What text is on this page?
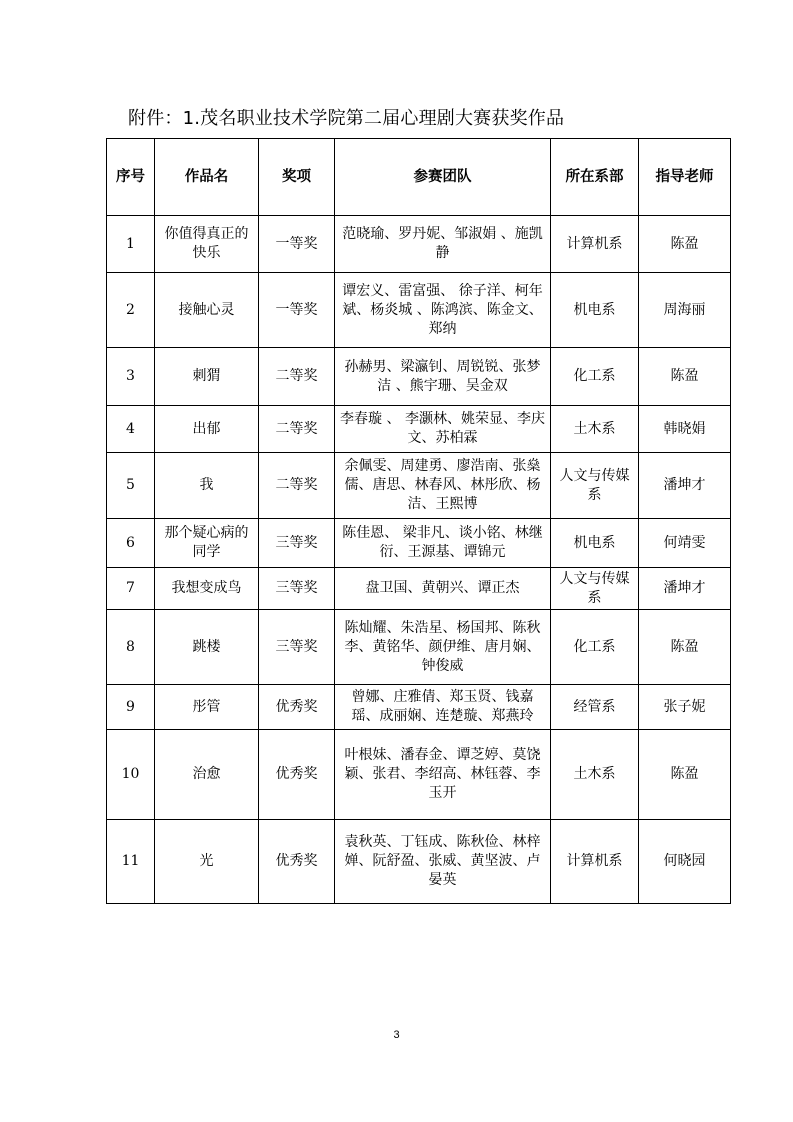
附件：1.茂名职业技术学院第二届心理剧大赛获奖作品
序号	作品名	奖项	参赛团队	所在系部	指导老师
1	你值得真正的快乐	一等奖	范晓瑜、罗丹妮、邹淑娟 、施凯静	计算机系	陈盈
2	接触心灵	一等奖	谭宏义、雷富强、 徐子洋、柯年斌、杨炎城 、陈鸿滨、陈金文、郑纳	机电系	周海丽
3	刺猬	二等奖	孙赫男、梁瀛钊、周锐锐、张梦洁 、熊宇珊、吴金双	化工系	陈盈
4	出郁	二等奖	李春璇 、 李灏林、姚荣显、李庆文、苏柏霖	土木系	韩晓娟
5	我	二等奖	余佩雯、周建勇、廖浩南、张燊儒、唐思、林春风、林彤欣、杨洁、王熙博	人文与传媒系	潘坤才
6	那个疑心病的同学	三等奖	陈佳恩、 梁非凡、谈小铭、林继衍、王源基、谭锦元	机电系	何靖雯
7	我想变成鸟	三等奖	盘卫国、黄朝兴、谭正杰	人文与传媒系	潘坤才
8	跳楼	三等奖	陈灿耀、朱浩星、杨国邦、陈秋李、黄铭华、颜伊维、唐月娴、钟俊威	化工系	陈盈
9	彤管	优秀奖	曾娜、庄雅倩、郑玉贤、钱嘉瑶、成丽娴、连楚璇、郑燕玲	经管系	张子妮
10	治愈	优秀奖	叶根妹、潘春金、谭芝婷、莫饶颖、张君、李绍高、林钰蓉、李玉开	土木系	陈盈
11	光	优秀奖	袁秋英、丁钰成、陈秋俭、林梓婵、阮舒盈、张威、黄坚波、卢晏英	计算机系	何晓园
3
